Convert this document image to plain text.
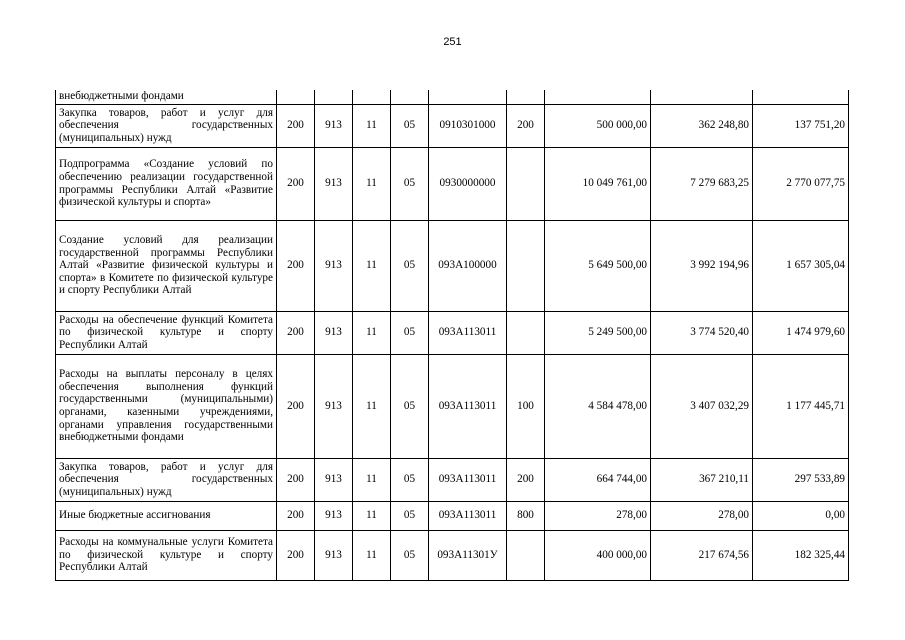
251
внебюджетными фондами					

Закупка товаров, работ и услуг для обеспечения государственных (муниципальных) нужд	200	913	11	05	0910301000	200	500 000,00	362 248,80	137 751,20
Подпрограмма «Создание условий по обеспечению реализации государственной программы Республики Алтай «Развитие физической культуры и спорта»	200	913	11	05	0930000000		10 049 761,00	7 279 683,25	2 770 077,75
Создание условий для реализации государственной программы Республики Алтай «Развитие физической культуры и спорта» в Комитете по физической культуре и спорту Республики Алтай	200	913	11	05	093А100000		5 649 500,00	3 992 194,96	1 657 305,04
Расходы на обеспечение функций Комитета по физической культуре и спорту Республики Алтай	200	913	11	05	093А113011		5 249 500,00	3 774 520,40	1 474 979,60
Расходы на выплаты персоналу в целях обеспечения выполнения функций государственными (муниципальными) органами, казенными учреждениями, органами управления государственными внебюджетными фондами	200	913	11	05	093А113011	100	4 584 478,00	3 407 032,29	1 177 445,71
Закупка товаров, работ и услуг для обеспечения государственных (муниципальных) нужд	200	913	11	05	093А113011	200	664 744,00	367 210,11	297 533,89
Иные бюджетные ассигнования	200	913	11	05	093А113011	800	278,00	278,00	0,00
Расходы на коммунальные услуги Комитета по физической культуре и спорту Республики Алтай	200	913	11	05	093А11301У		400 000,00	217 674,56	182 325,44
